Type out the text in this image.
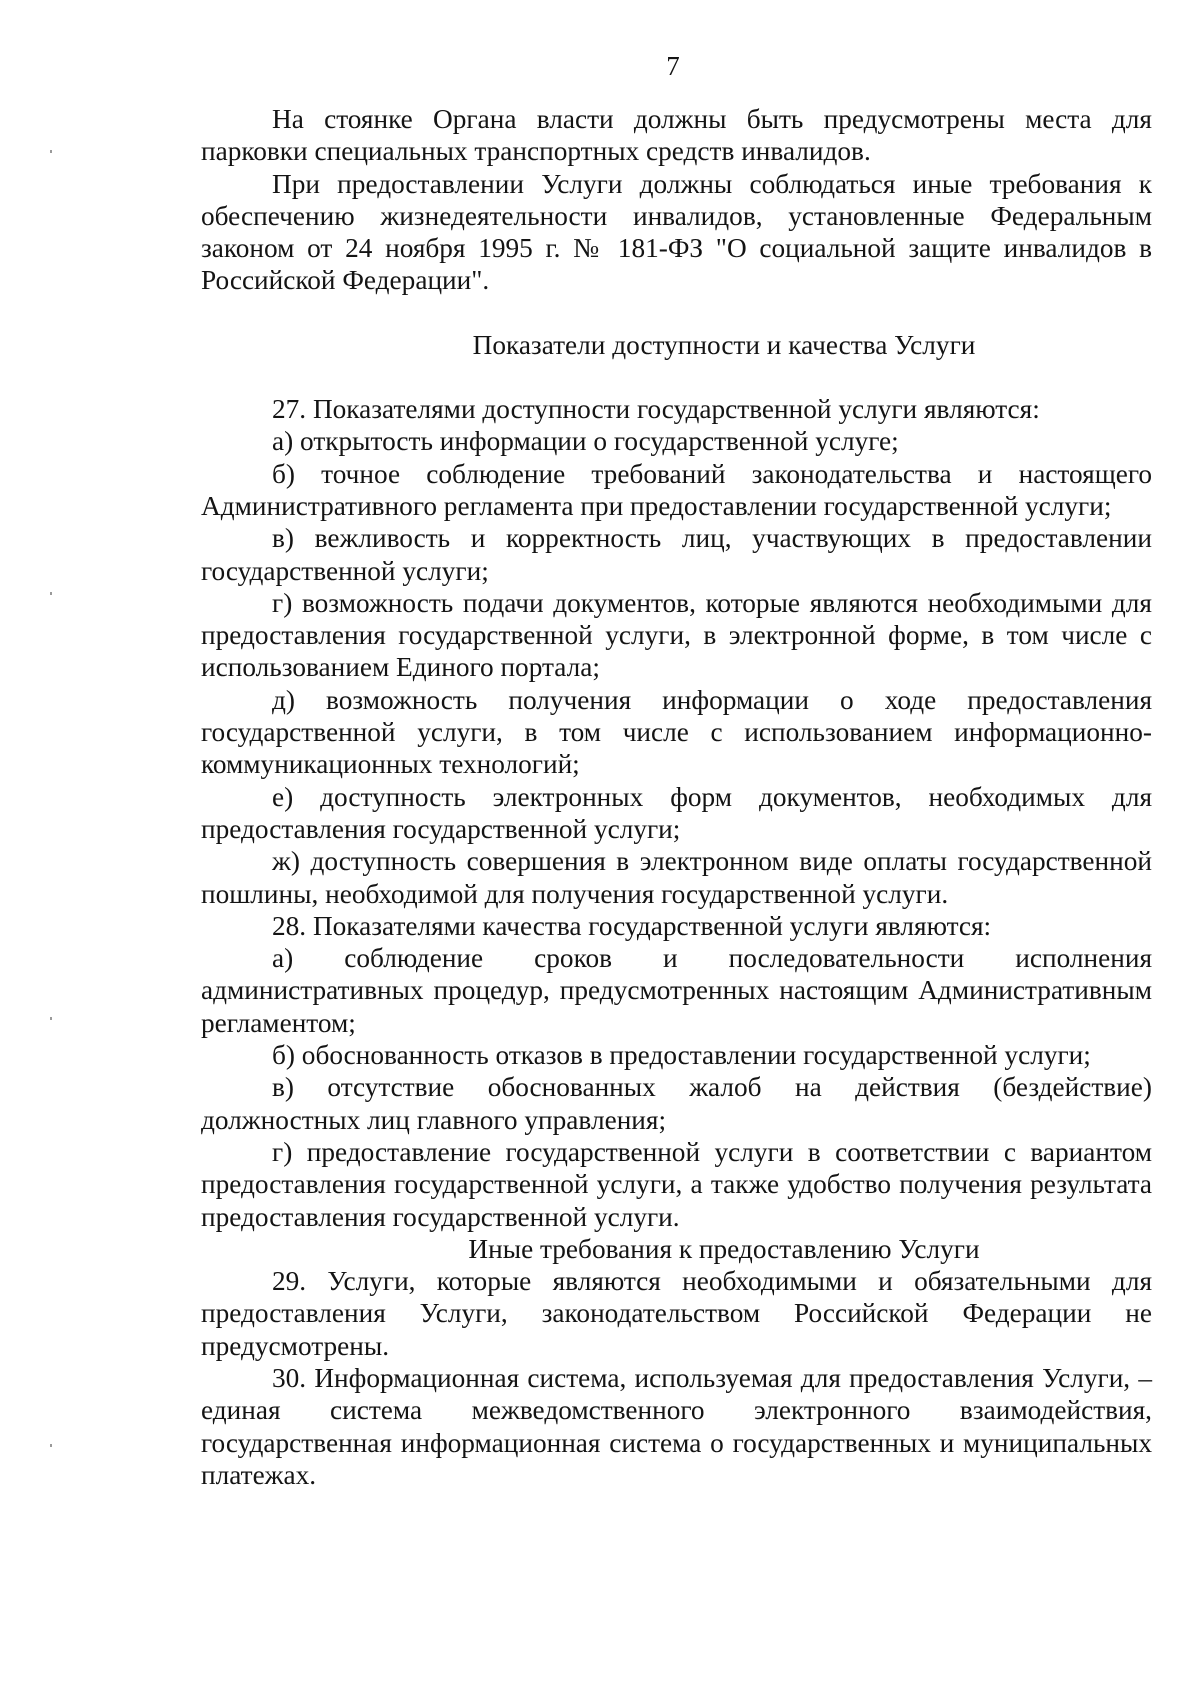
7

На стоянке Органа власти должны быть предусмотрены места для парковки специальных транспортных средств инвалидов.

При предоставлении Услуги должны соблюдаться иные требования к обеспечению жизнедеятельности инвалидов, установленные Федеральным законом от 24 ноября 1995 г. № 181-ФЗ "О социальной защите инвалидов в Российской Федерации".

Показатели доступности и качества Услуги

27. Показателями доступности государственной услуги являются:

а) открытость информации о государственной услуге;

б) точное соблюдение требований законодательства и настоящего Административного регламента при предоставлении государственной услуги;

в) вежливость и корректность лиц, участвующих в предоставлении государственной услуги;

г) возможность подачи документов, которые являются необходимыми для предоставления государственной услуги, в электронной форме, в том числе с использованием Единого портала;

д) возможность получения информации о ходе предоставления государственной услуги, в том числе с использованием информационно-коммуникационных технологий;

е) доступность электронных форм документов, необходимых для предоставления государственной услуги;

ж) доступность совершения в электронном виде оплаты государственной пошлины, необходимой для получения государственной услуги.

28. Показателями качества государственной услуги являются:

а) соблюдение сроков и последовательности исполнения административных процедур, предусмотренных настоящим Административным регламентом;

б) обоснованность отказов в предоставлении государственной услуги;

в) отсутствие обоснованных жалоб на действия (бездействие) должностных лиц главного управления;

г) предоставление государственной услуги в соответствии с вариантом предоставления государственной услуги, а также удобство получения результата предоставления государственной услуги.

Иные требования к предоставлению Услуги

29. Услуги, которые являются необходимыми и обязательными для предоставления Услуги, законодательством Российской Федерации не предусмотрены.

30. Информационная система, используемая для предоставления Услуги, – единая система межведомственного электронного взаимодействия, государственная информационная система о государственных и муниципальных платежах.
